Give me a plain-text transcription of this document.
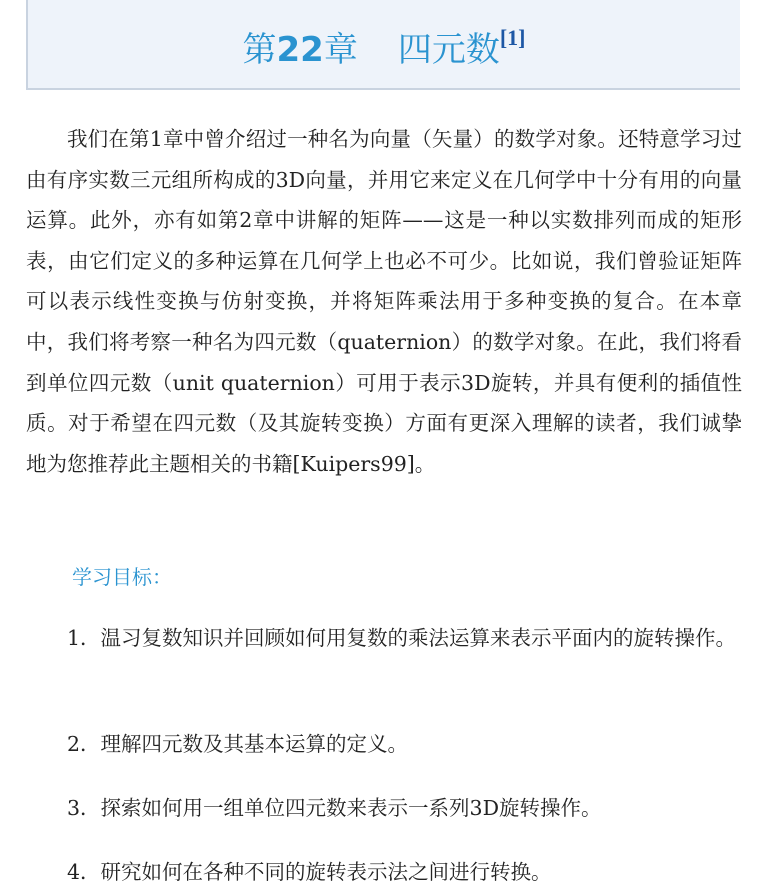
第22章 四元数[1]

我们在第1章中曾介绍过一种名为向量（矢量）的数学对象。还特意学习过由有序实数三元组所构成的3D向量，并用它来定义在几何学中十分有用的向量运算。此外，亦有如第2章中讲解的矩阵——这是一种以实数排列而成的矩形表，由它们定义的多种运算在几何学上也必不可少。比如说，我们曾验证矩阵可以表示线性变换与仿射变换，并将矩阵乘法用于多种变换的复合。在本章中，我们将考察一种名为四元数（quaternion）的数学对象。在此，我们将看到单位四元数（unit quaternion）可用于表示3D旋转，并具有便利的插值性质。对于希望在四元数（及其旋转变换）方面有更深入理解的读者，我们诚挚地为您推荐此主题相关的书籍[Kuipers99]。

学习目标：

1．温习复数知识并回顾如何用复数的乘法运算来表示平面内的旋转操作。

2．理解四元数及其基本运算的定义。

3．探索如何用一组单位四元数来表示一系列3D旋转操作。

4．研究如何在各种不同的旋转表示法之间进行转换。
